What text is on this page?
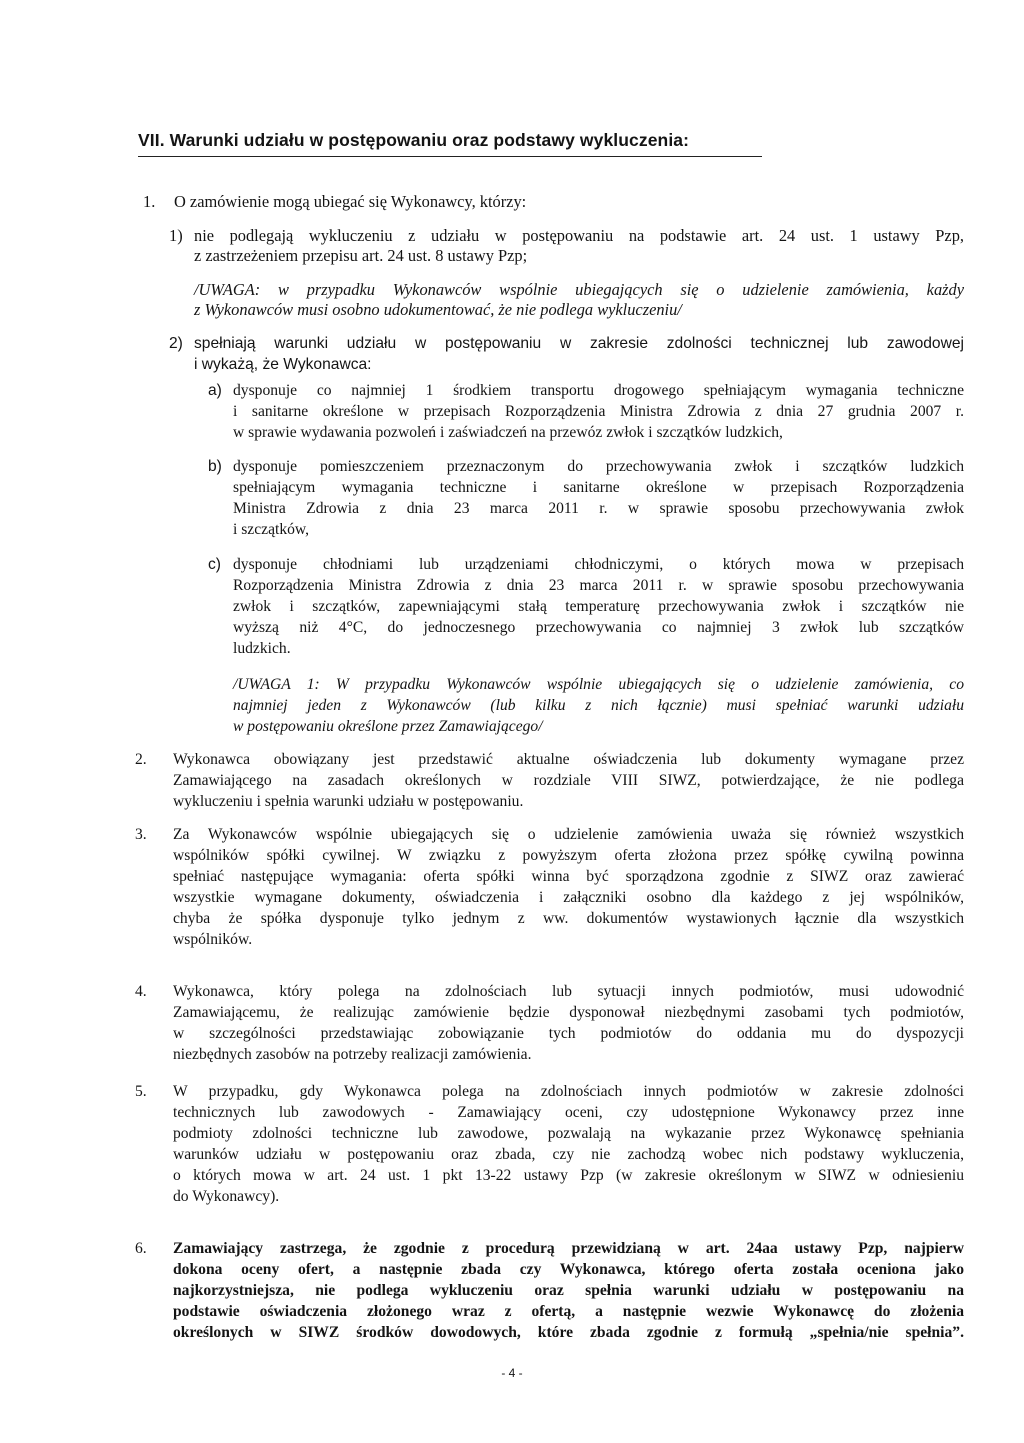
VII. Warunki udziału w postępowaniu oraz podstawy wykluczenia:
1. O zamówienie mogą ubiegać się Wykonawcy, którzy:
1) nie podlegają wykluczeniu z udziału w postępowaniu na podstawie art. 24 ust. 1 ustawy Pzp,
z zastrzeżeniem przepisu art. 24 ust. 8 ustawy Pzp;
/UWAGA: w przypadku Wykonawców wspólnie ubiegających się o udzielenie zamówienia, każdy
z Wykonawców musi osobno udokumentować, że nie podlega wykluczeniu/
2) spełniają warunki udziału w postępowaniu w zakresie zdolności technicznej lub zawodowej
i wykażą, że Wykonawca:
a) dysponuje co najmniej 1 środkiem transportu drogowego spełniającym wymagania techniczne
i sanitarne określone w przepisach Rozporządzenia Ministra Zdrowia z dnia 27 grudnia 2007 r.
w sprawie wydawania pozwoleń i zaświadczeń na przewóz zwłok i szczątków ludzkich,
b) dysponuje pomieszczeniem przeznaczonym do przechowywania zwłok i szczątków ludzkich
spełniającym wymagania techniczne i sanitarne określone w przepisach Rozporządzenia
Ministra Zdrowia z dnia 23 marca 2011 r. w sprawie sposobu przechowywania zwłok
i szczątków,
c) dysponuje chłodniami lub urządzeniami chłodniczymi, o których mowa w przepisach
Rozporządzenia Ministra Zdrowia z dnia 23 marca 2011 r. w sprawie sposobu przechowywania
zwłok i szczątków, zapewniającymi stałą temperaturę przechowywania zwłok i szczątków nie
wyższą niż 4°C, do jednoczesnego przechowywania co najmniej 3 zwłok lub szczątków
ludzkich.
/UWAGA 1: W przypadku Wykonawców wspólnie ubiegających się o udzielenie zamówienia, co
najmniej jeden z Wykonawców (lub kilku z nich łącznie) musi spełniać warunki udziału
w postępowaniu określone przez Zamawiającego/
2. Wykonawca obowiązany jest przedstawić aktualne oświadczenia lub dokumenty wymagane przez
Zamawiającego na zasadach określonych w rozdziale VIII SIWZ, potwierdzające, że nie podlega
wykluczeniu i spełnia warunki udziału w postępowaniu.
3. Za Wykonawców wspólnie ubiegających się o udzielenie zamówienia uważa się również wszystkich
wspólników spółki cywilnej. W związku z powyższym oferta złożona przez spółkę cywilną powinna
spełniać następujące wymagania: oferta spółki winna być sporządzona zgodnie z SIWZ oraz zawierać
wszystkie wymagane dokumenty, oświadczenia i załączniki osobno dla każdego z jej wspólników,
chyba że spółka dysponuje tylko jednym z ww. dokumentów wystawionych łącznie dla wszystkich
wspólników.
4. Wykonawca, który polega na zdolnościach lub sytuacji innych podmiotów, musi udowodnić
Zamawiającemu, że realizując zamówienie będzie dysponował niezbędnymi zasobami tych podmiotów,
w szczególności przedstawiając zobowiązanie tych podmiotów do oddania mu do dyspozycji
niezbędnych zasobów na potrzeby realizacji zamówienia.
5. W przypadku, gdy Wykonawca polega na zdolnościach innych podmiotów w zakresie zdolności
technicznych lub zawodowych - Zamawiający oceni, czy udostępnione Wykonawcy przez inne
podmioty zdolności techniczne lub zawodowe, pozwalają na wykazanie przez Wykonawcę spełniania
warunków udziału w postępowaniu oraz zbada, czy nie zachodzą wobec nich podstawy wykluczenia,
o których mowa w art. 24 ust. 1 pkt 13-22 ustawy Pzp (w zakresie określonym w SIWZ w odniesieniu
do Wykonawcy).
6. Zamawiający zastrzega, że zgodnie z procedurą przewidzianą w art. 24aa ustawy Pzp, najpierw
dokona oceny ofert, a następnie zbada czy Wykonawca, którego oferta została oceniona jako
najkorzystniejsza, nie podlega wykluczeniu oraz spełnia warunki udziału w postępowaniu na
podstawie oświadczenia złożonego wraz z ofertą, a następnie wezwie Wykonawcę do złożenia
określonych w SIWZ środków dowodowych, które zbada zgodnie z formułą „spełnia/nie spełnia”.
- 4 -
